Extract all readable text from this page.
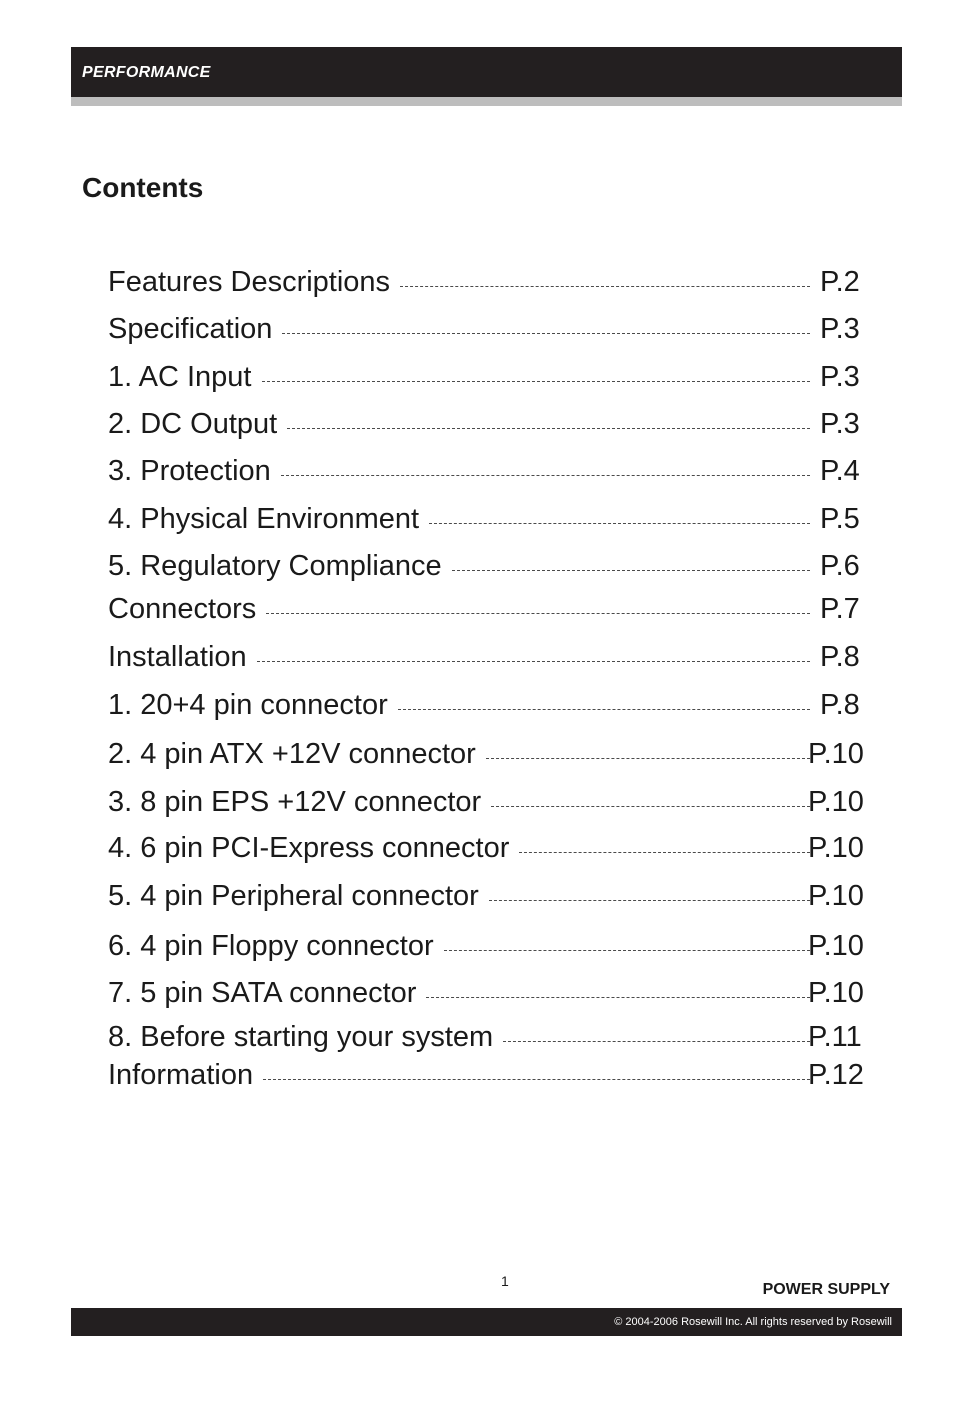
PERFORMANCE
Contents
Features Descriptions	P.2
Specification	P.3
1. AC Input	P.3
2. DC Output	P.3
3. Protection	P.4
4. Physical Environment	P.5
5. Regulatory Compliance	P.6
Connectors	P.7
Installation	P.8
1. 20+4 pin connector	P.8
2. 4 pin ATX +12V connector	P.10
3. 8 pin EPS +12V connector	P.10
4. 6 pin PCI-Express connector	P.10
5. 4 pin Peripheral connector	P.10
6. 4 pin Floppy connector	P.10
7. 5 pin SATA connector	P.10
8. Before starting your system	P.11
Information	P.12
1	POWER SUPPLY
© 2004-2006 Rosewill Inc. All rights reserved by Rosewill
